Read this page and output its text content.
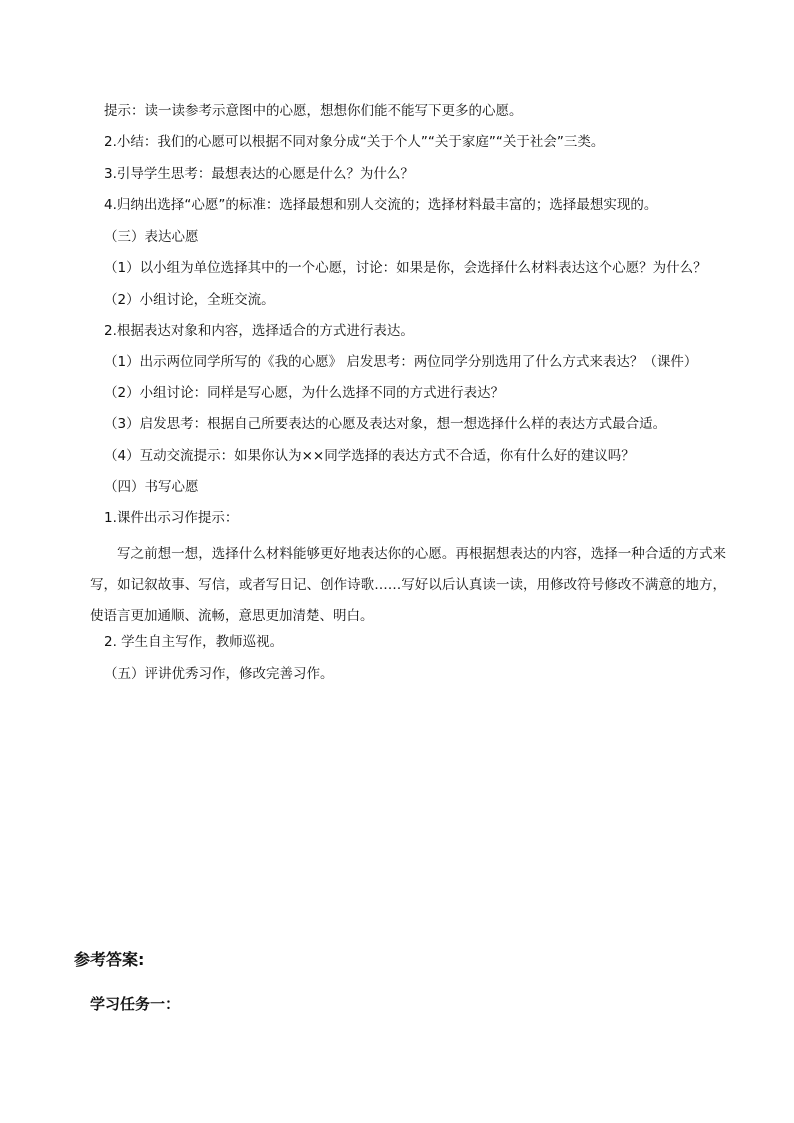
提示：读一读参考示意图中的心愿，想想你们能不能写下更多的心愿。
2.小结：我们的心愿可以根据不同对象分成“关于个人”“关于家庭”“关于社会”三类。
3.引导学生思考：最想表达的心愿是什么？为什么？
4.归纳出选择“心愿”的标准：选择最想和别人交流的；选择材料最丰富的；选择最想实现的。
（三）表达心愿
（1）以小组为单位选择其中的一个心愿，讨论：如果是你，会选择什么材料表达这个心愿？为什么？
（2）小组讨论，全班交流。
2.根据表达对象和内容，选择适合的方式进行表达。
（1）出示两位同学所写的《我的心愿》 启发思考：两位同学分别选用了什么方式来表达？（课件）
（2）小组讨论：同样是写心愿，为什么选择不同的方式进行表达？
（3）启发思考：根据自己所要表达的心愿及表达对象，想一想选择什么样的表达方式最合适。
（4）互动交流提示：如果你认为××同学选择的表达方式不合适，你有什么好的建议吗？
（四）书写心愿
1.课件出示习作提示：
写之前想一想，选择什么材料能够更好地表达你的心愿。再根据想表达的内容，选择一种合适的方式来写，如记叙故事、写信，或者写日记、创作诗歌……写好以后认真读一读，用修改符号修改不满意的地方，使语言更加通顺、流畅，意思更加清楚、明白。
2. 学生自主写作，教师巡视。
（五）评讲优秀习作，修改完善习作。
参考答案:
学习任务一：
